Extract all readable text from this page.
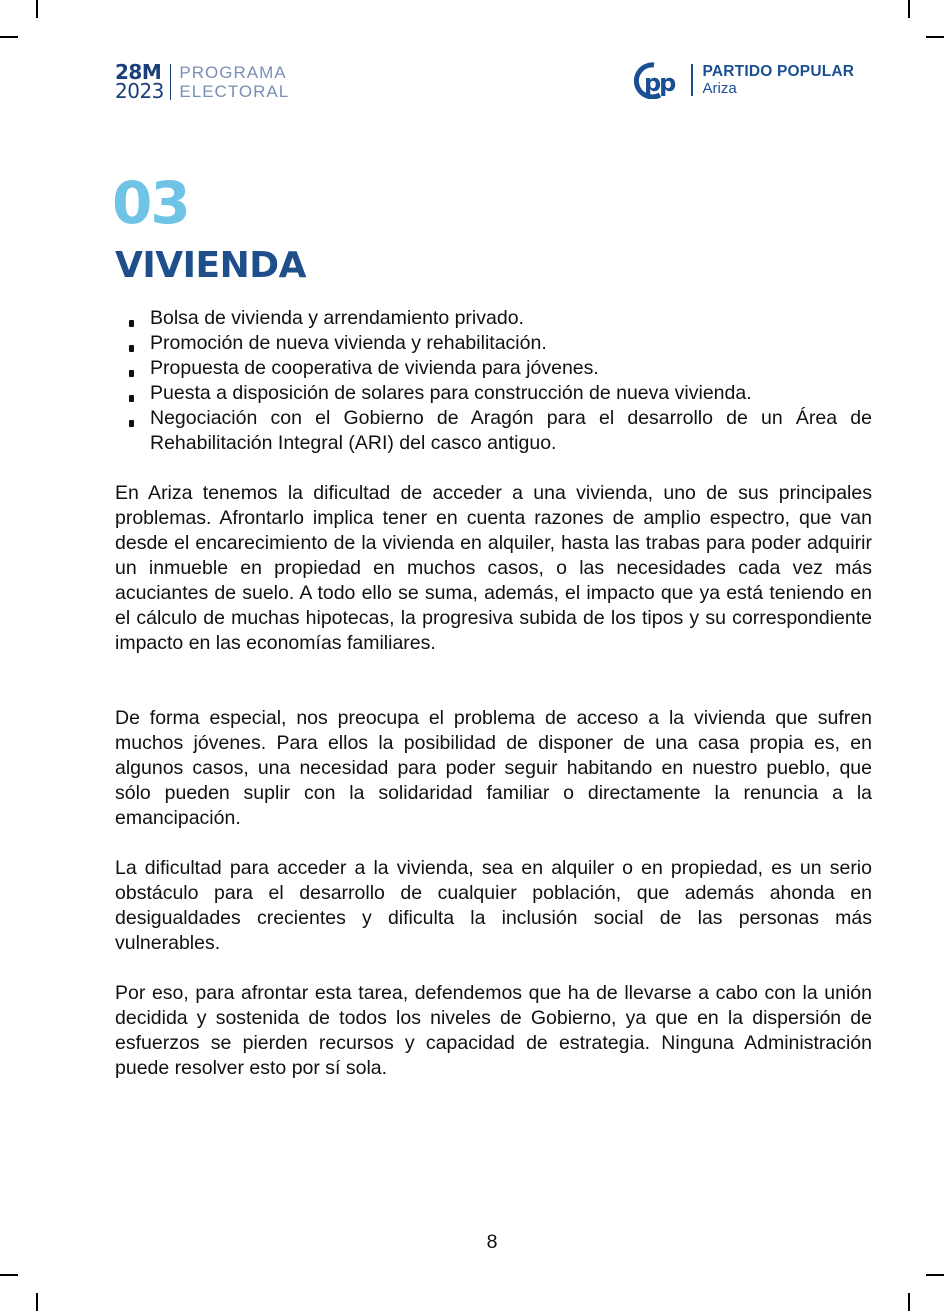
28M
2023
PROGRAMA
ELECTORAL	pp PARTIDO POPULAR
Ariza
03
VIVIENDA
Bolsa de vivienda y arrendamiento privado.
Promoción de nueva vivienda y rehabilitación.
Propuesta de cooperativa de vivienda para jóvenes.
Puesta a disposición de solares para construcción de nueva vivienda.
Negociación con el Gobierno de Aragón para el desarrollo de un Área de Rehabilitación Integral (ARI) del casco antiguo.

En Ariza tenemos la dificultad de acceder a una vivienda, uno de sus principales problemas. Afrontarlo implica tener en cuenta razones de amplio espectro, que van desde el encarecimiento de la vivienda en alquiler, hasta las trabas para poder adquirir un inmueble en propiedad en muchos casos, o las necesidades cada vez más acuciantes de suelo. A todo ello se suma, además, el impacto que ya está teniendo en el cálculo de muchas hipotecas, la progresiva subida de los tipos y su correspondiente impacto en las economías familiares.

De forma especial, nos preocupa el problema de acceso a la vivienda que sufren muchos jóvenes. Para ellos la posibilidad de disponer de una casa propia es, en algunos casos, una necesidad para poder seguir habitando en nuestro pueblo, que sólo pueden suplir con la solidaridad familiar o directamente la renuncia a la emancipación.

La dificultad para acceder a la vivienda, sea en alquiler o en propiedad, es un serio obstáculo para el desarrollo de cualquier población, que además ahonda en desigualdades crecientes y dificulta la inclusión social de las personas más vulnerables.

Por eso, para afrontar esta tarea, defendemos que ha de llevarse a cabo con la unión decidida y sostenida de todos los niveles de Gobierno, ya que en la dispersión de esfuerzos se pierden recursos y capacidad de estrategia. Ninguna Administración puede resolver esto por sí sola.

8
